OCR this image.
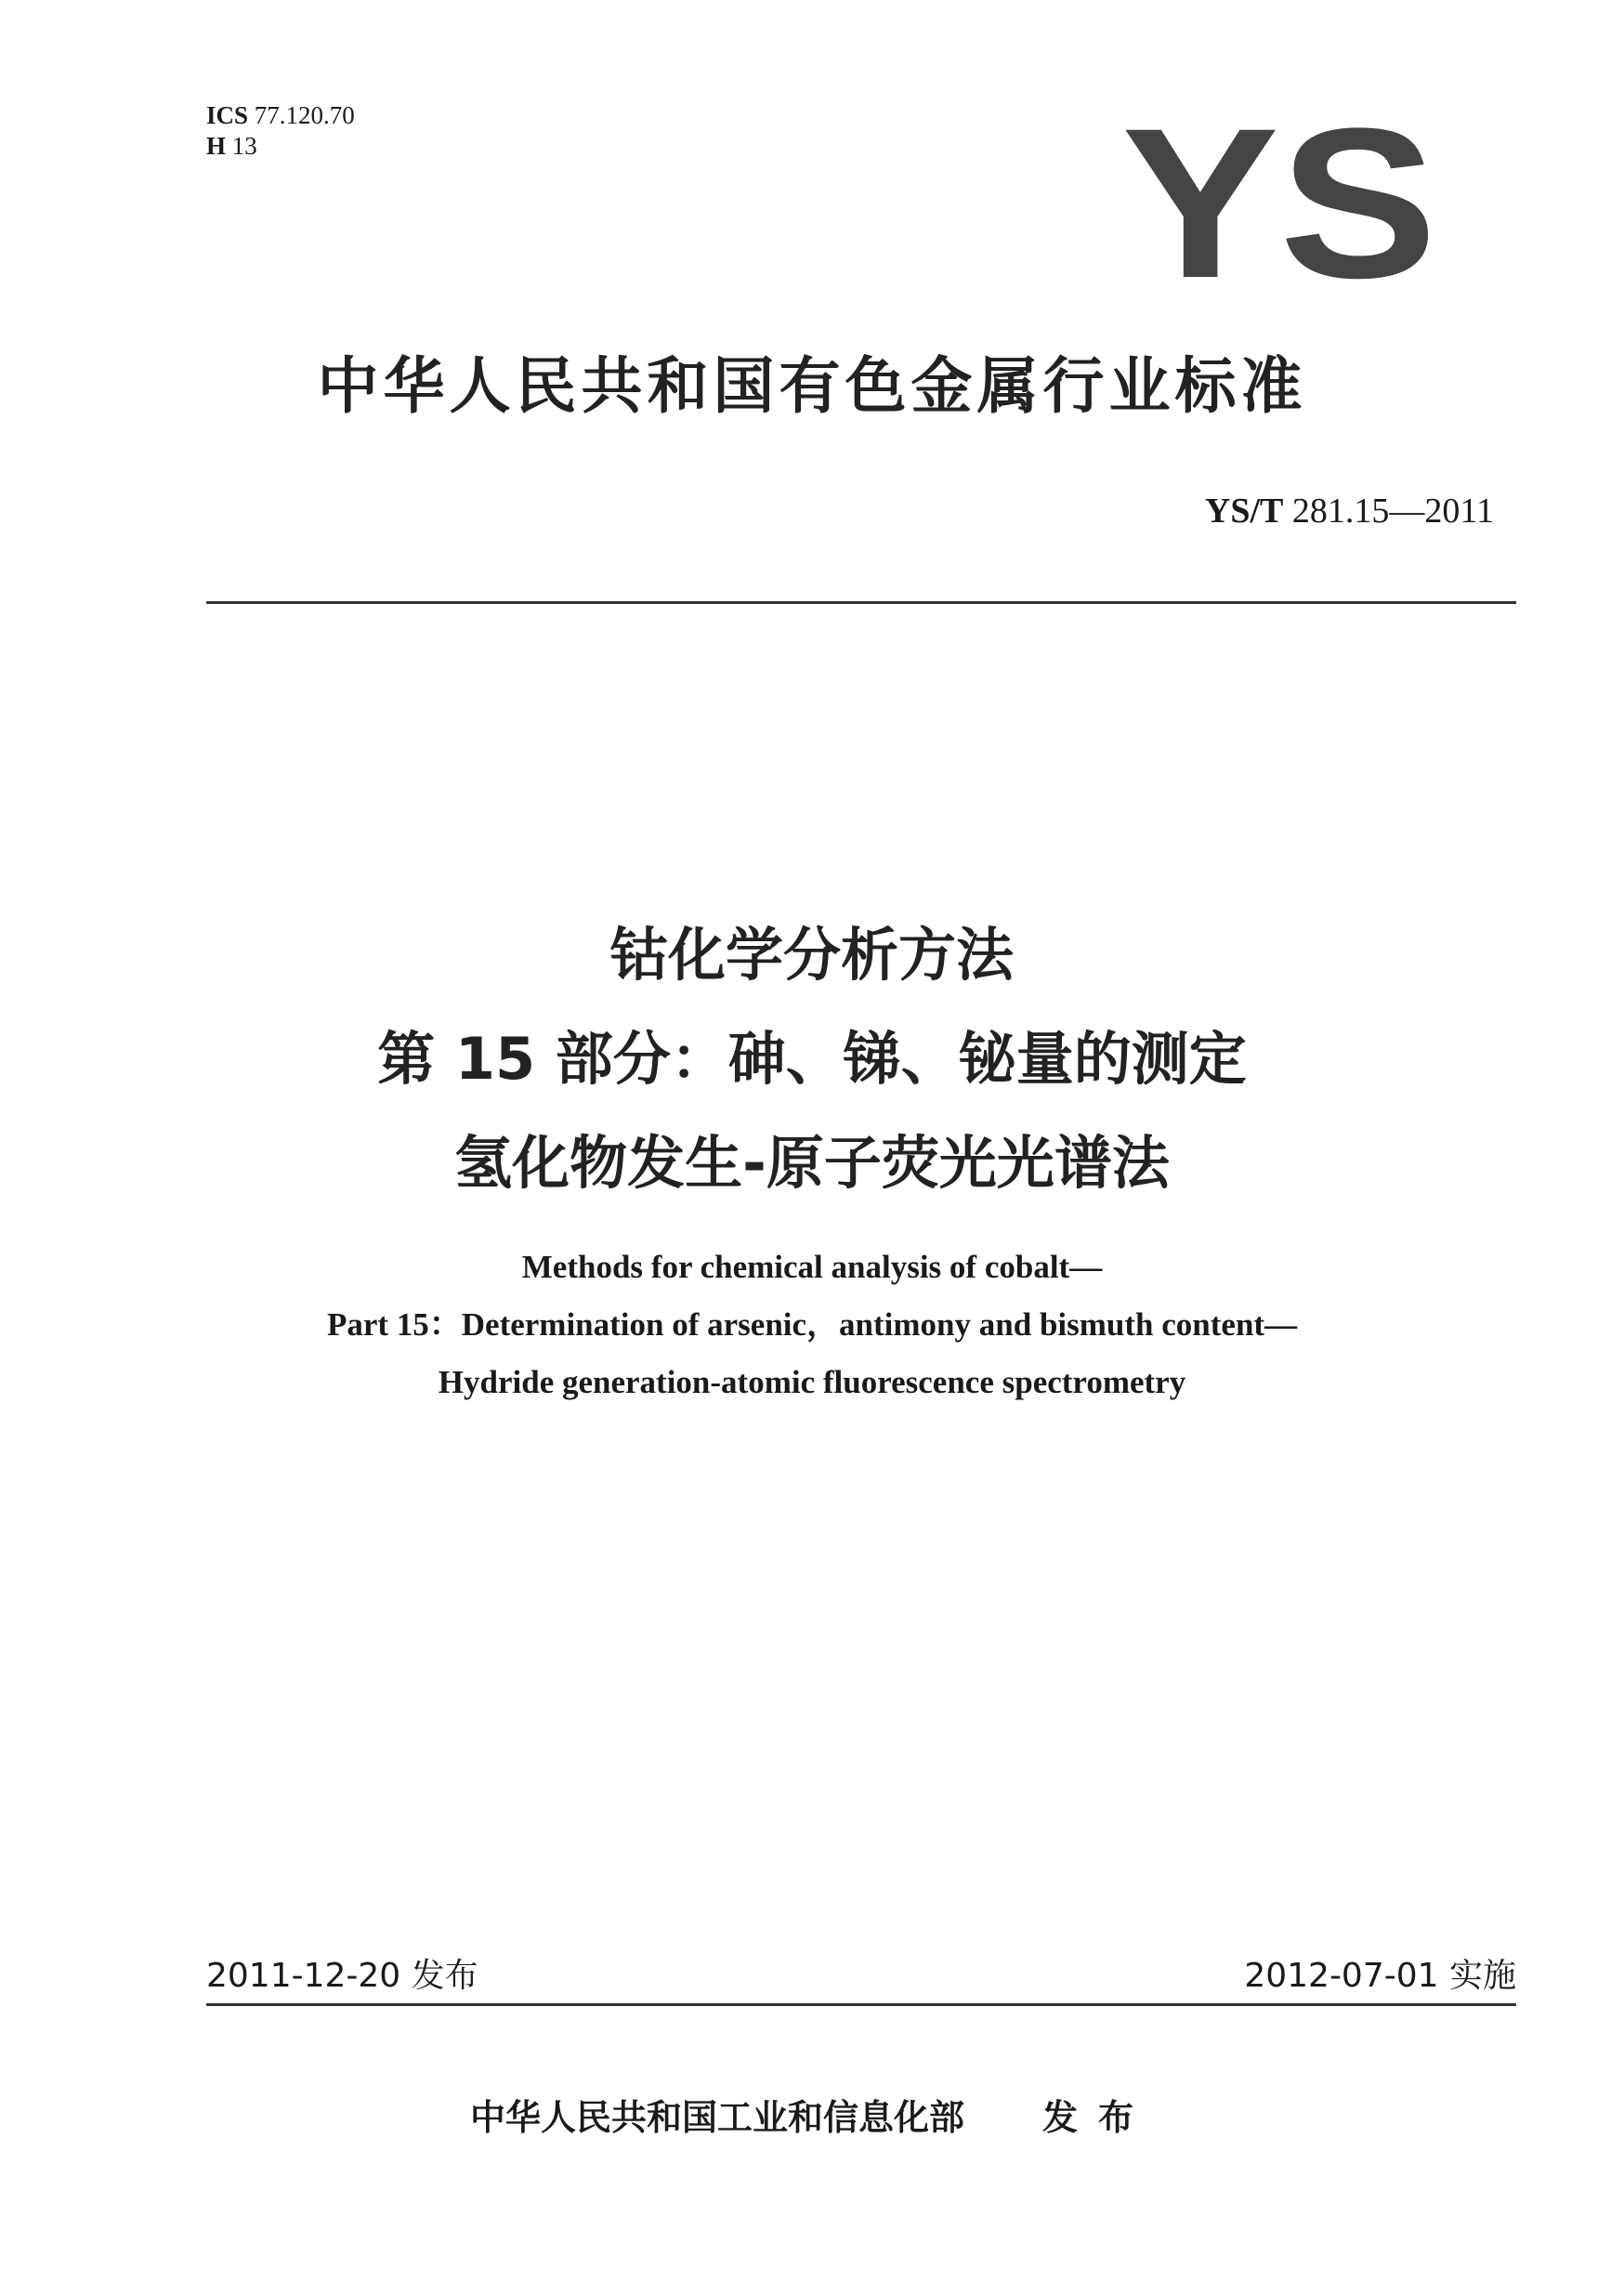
ICS 77.120.70
H 13	YS
中华人民共和国有色金属行业标准
YS/T 281.15—2011
钴化学分析方法
第 15 部分：砷、锑、铋量的测定
氢化物发生-原子荧光光谱法
Methods for chemical analysis of cobalt—
Part 15：Determination of arsenic，antimony and bismuth content—
Hydride generation-atomic fluorescence spectrometry
2011-12-20 发布	2012-07-01 实施
中华人民共和国工业和信息化部 发布
